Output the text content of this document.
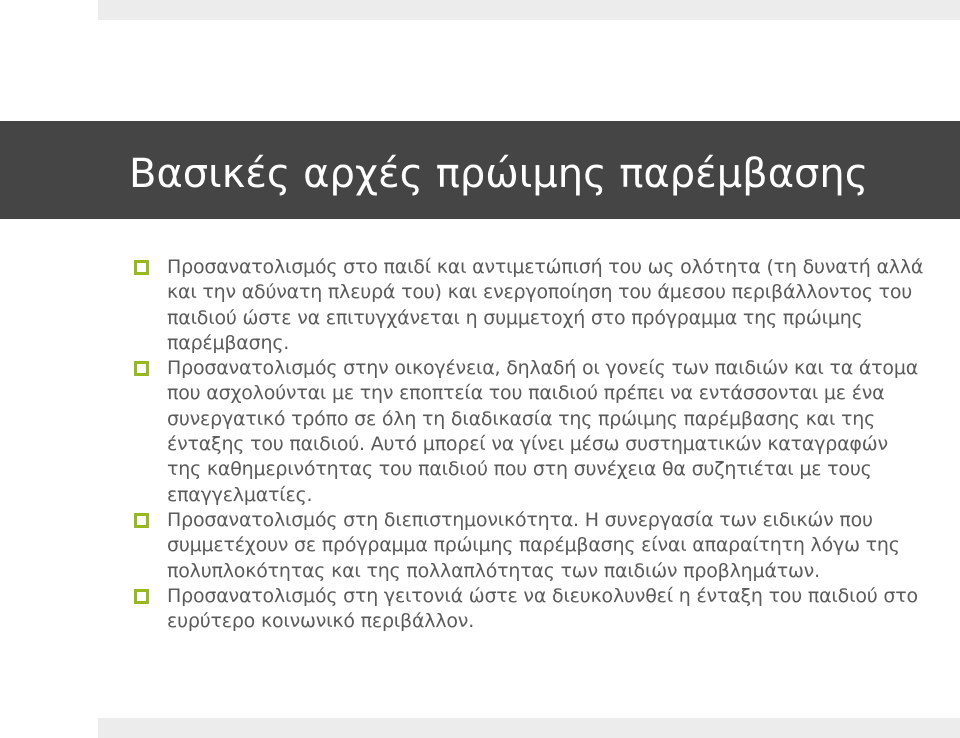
Βασικές αρχές πρώιμης παρέμβασης
Προσανατολισμός στο παιδί και αντιμετώπισή του ως ολότητα (τη δυνατή αλλά και την αδύνατη πλευρά του) και ενεργοποίηση του άμεσου περιβάλλοντος του παιδιού ώστε να επιτυγχάνεται η συμμετοχή στο πρόγραμμα της πρώιμης παρέμβασης.
Προσανατολισμός στην οικογένεια, δηλαδή οι γονείς των παιδιών και τα άτομα που ασχολούνται με την εποπτεία του παιδιού πρέπει να εντάσσονται με ένα συνεργατικό τρόπο σε όλη τη διαδικασία της πρώιμης παρέμβασης και της ένταξης του παιδιού. Αυτό μπορεί να γίνει μέσω συστηματικών καταγραφών της καθημερινότητας του παιδιού που στη συνέχεια θα συζητιέται με τους επαγγελματίες.
Προσανατολισμός στη διεπιστημονικότητα. Η συνεργασία των ειδικών που συμμετέχουν σε πρόγραμμα πρώιμης παρέμβασης είναι απαραίτητη λόγω της πολυπλοκότητας και της πολλαπλότητας των παιδιών προβλημάτων.
Προσανατολισμός στη γειτονιά ώστε να διευκολυνθεί η ένταξη του παιδιού στο ευρύτερο κοινωνικό περιβάλλον.
